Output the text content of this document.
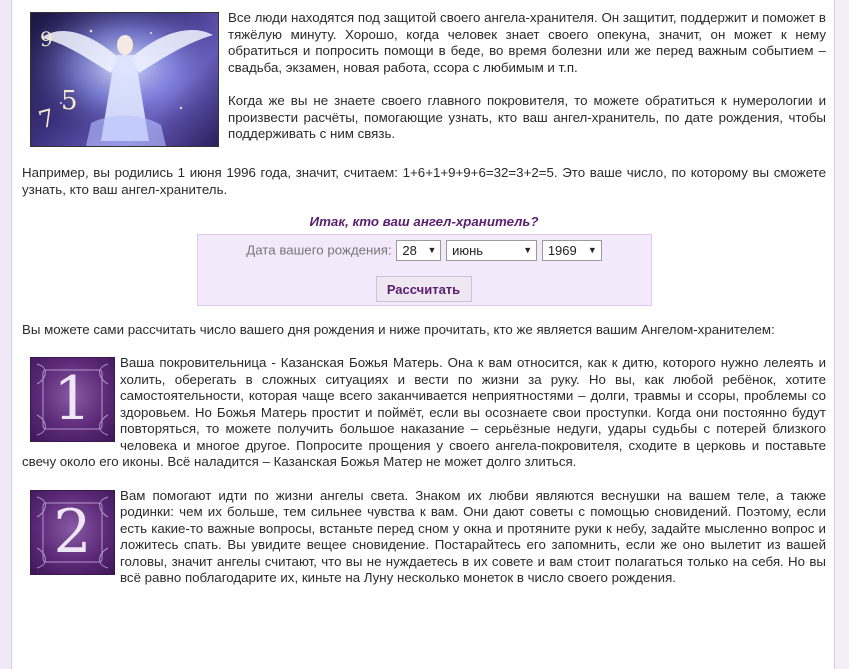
9
5
7

Все люди находятся под защитой своего ангела-хранителя. Он защитит, поддержит и поможет в тяжёлую минуту. Хорошо, когда человек знает своего опекуна, значит, он может к нему обратиться и попросить помощи в беде, во время болезни или же перед важным событием – свадьба, экзамен, новая работа, ссора с любимым и т.п.

Когда же вы не знаете своего главного покровителя, то можете обратиться к нумерологии и произвести расчёты, помогающие узнать, кто ваш ангел-хранитель, по дате рождения, чтобы поддерживать с ним связь.

Например, вы родились 1 июня 1996 года, значит, считаем: 1+6+1+9+9+6=32=3+2=5. Это ваше число, по которому вы сможете узнать, кто ваш ангел-хранитель.

Итак, кто ваш ангел-хранитель?
Дата вашего рождения: 28 ▼ июнь	▼ 1969 ▼
Рассчитать

Вы можете сами рассчитать число вашего дня рождения и ниже прочитать, кто же является вашим Ангелом-хранителем:

1

Ваша покровительница - Казанская Божья Матерь. Она к вам относится, как к дитю, которого нужно лелеять и холить, оберегать в сложных ситуациях и вести по жизни за руку. Но вы, как любой ребёнок, хотите самостоятельности, которая чаще всего заканчивается неприятностями – долги, травмы и ссоры, проблемы со здоровьем. Но Божья Матерь простит и поймёт, если вы осознаете свои проступки. Когда они постоянно будут повторяться, то можете получить большое наказание – серьёзные недуги, удары судьбы с потерей близкого человека и многое другое. Попросите прощения у своего ангела-покровителя, сходите в церковь и поставьте свечу около его иконы. Всё наладится – Казанская Божья Матер не может долго злиться.

2

Вам помогают идти по жизни ангелы света. Знаком их любви являются веснушки на вашем теле, а также родинки: чем их больше, тем сильнее чувства к вам. Они дают советы с помощью сновидений. Поэтому, если есть какие-то важные вопросы, встаньте перед сном у окна и протяните руки к небу, задайте мысленно вопрос и ложитесь спать. Вы увидите вещее сновидение. Постарайтесь его запомнить, если же оно вылетит из вашей головы, значит ангелы считают, что вы не нуждаетесь в их совете и вам стоит полагаться только на себя. Но вы всё равно поблагодарите их, киньте на Луну несколько монеток в число своего рождения.
